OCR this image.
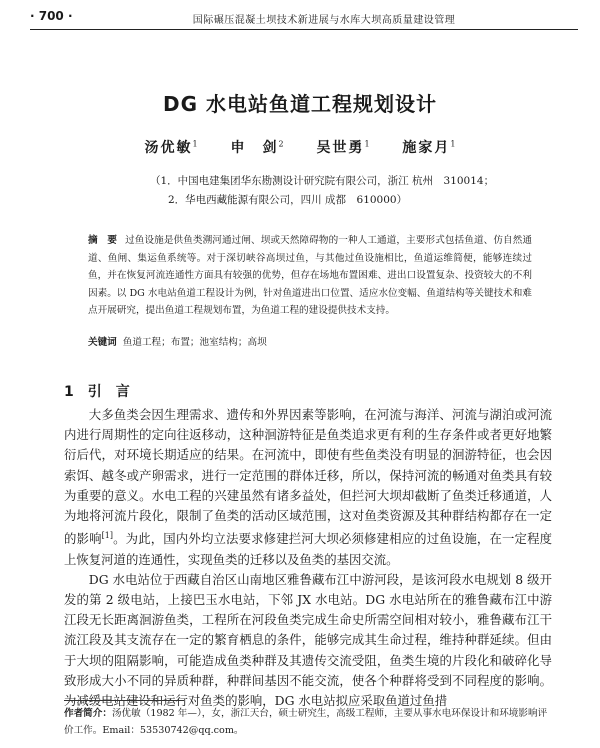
· 700 ·	国际碾压混凝土坝技术新进展与水库大坝高质量建设管理
DG 水电站鱼道工程规划设计
汤优敏$^1$ 申　剑$^2$ 吴世勇$^1$ 施家月$^1$
（1．中国电建集团华东勘测设计研究院有限公司，浙江 杭州　310014；
2．华电西藏能源有限公司，四川 成都　610000）
摘　要 过鱼设施是供鱼类溯河通过闸、坝或天然障碍物的一种人工通道，主要形式包括鱼道、仿自然通道、鱼闸、集运鱼系统等。对于深切峡谷高坝过鱼，与其他过鱼设施相比，鱼道运维简便，能够连续过鱼，并在恢复河流连通性方面具有较强的优势，但存在场地布置困难、进出口设置复杂、投资较大的不利因素。以 DG 水电站鱼道工程设计为例，针对鱼道进出口位置、适应水位变幅、鱼道结构等关键技术和难点开展研究，提出鱼道工程规划布置，为鱼道工程的建设提供技术支持。
关键词 鱼道工程；布置；池室结构；高坝
1 引　言

大多鱼类会因生理需求、遗传和外界因素等影响，在河流与海洋、河流与湖泊或河流内进行周期性的定向往返移动，这种洄游特征是鱼类追求更有利的生存条件或者更好地繁衍后代，对环境长期适应的结果。在河流中，即使有些鱼类没有明显的洄游特征，也会因索饵、越冬或产卵需求，进行一定范围的群体迁移，所以，保持河流的畅通对鱼类具有较为重要的意义。水电工程的兴建虽然有诸多益处，但拦河大坝却截断了鱼类迁移通道，人为地将河流片段化，限制了鱼类的活动区域范围，这对鱼类资源及其种群结构都存在一定的影响[1]。为此，国内外均立法要求修建拦河大坝必须修建相应的过鱼设施，在一定程度上恢复河道的连通性，实现鱼类的迁移以及鱼类的基因交流。

DG 水电站位于西藏自治区山南地区雅鲁藏布江中游河段，是该河段水电规划 8 级开发的第 2 级电站，上接巴玉水电站，下邻 JX 水电站。DG 水电站所在的雅鲁藏布江中游江段无长距离洄游鱼类，工程所在河段鱼类完成生命史所需空间相对较小，雅鲁藏布江干流江段及其支流存在一定的繁育栖息的条件，能够完成其生命过程，维持种群延续。但由于大坝的阻隔影响，可能造成鱼类种群及其遗传交流受阻，鱼类生境的片段化和破碎化导致形成大小不同的异质种群，种群间基因不能交流，使各个种群将受到不同程度的影响。为减缓电站建设和运行对鱼类的影响，DG 水电站拟应采取鱼道过鱼措

作者简介：汤优敏（1982 年—），女，浙江天台，硕士研究生，高级工程师，主要从事水电环保设计和环境影响评价工作。Email：53530742@qq.com。
